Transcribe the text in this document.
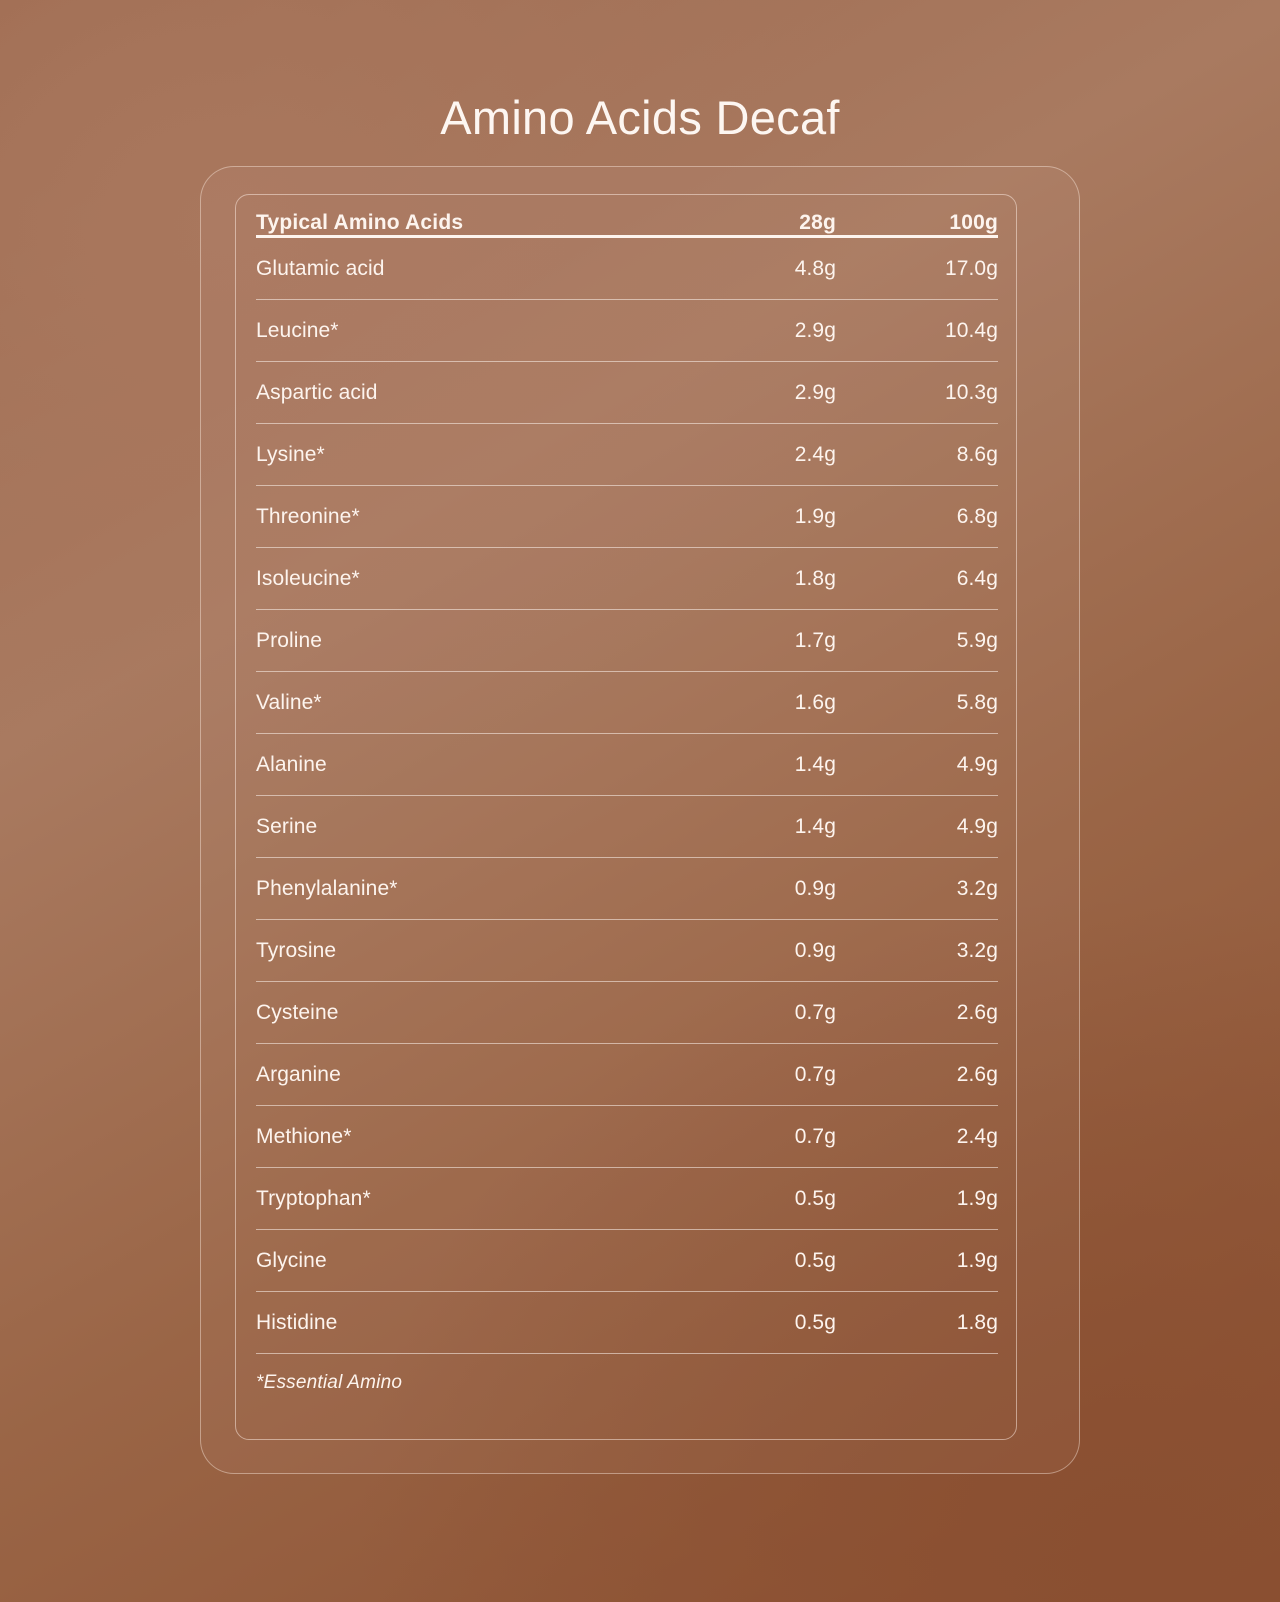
Amino Acids Decaf
Typical Amino Acids	28g	100g
Glutamic acid	4.8g	17.0g
Leucine*	2.9g	10.4g
Aspartic acid	2.9g	10.3g
Lysine*	2.4g	8.6g
Threonine*	1.9g	6.8g
Isoleucine*	1.8g	6.4g
Proline	1.7g	5.9g
Valine*	1.6g	5.8g
Alanine	1.4g	4.9g
Serine	1.4g	4.9g
Phenylalanine*	0.9g	3.2g
Tyrosine	0.9g	3.2g
Cysteine	0.7g	2.6g
Arganine	0.7g	2.6g
Methione*	0.7g	2.4g
Tryptophan*	0.5g	1.9g
Glycine	0.5g	1.9g
Histidine	0.5g	1.8g
*Essential Amino
